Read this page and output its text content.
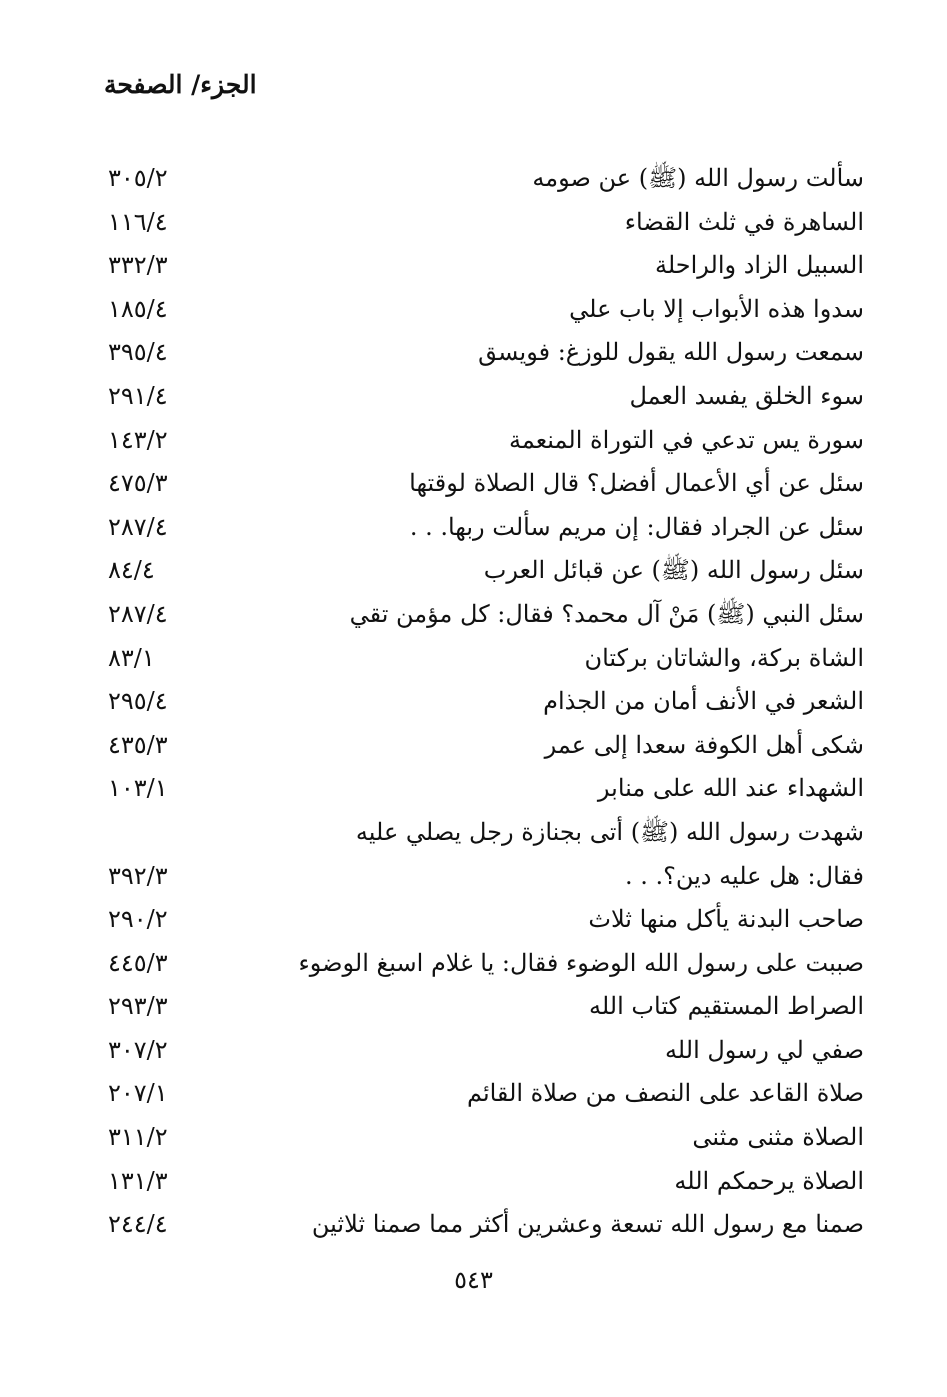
الجزء/ الصفحة
سألت رسول الله (ﷺ) عن صومه
٣٠٥/٢
الساهرة في ثلث القضاء
١١٦/٤
السبيل الزاد والراحلة
٣٣٢/٣
سدوا هذه الأبواب إلا باب علي
١٨٥/٤
سمعت رسول الله يقول للوزغ: فويسق
٣٩٥/٤
سوء الخلق يفسد العمل
٢٩١/٤
سورة يس تدعي في التوراة المنعمة
١٤٣/٢
سئل عن أي الأعمال أفضل؟ قال الصلاة لوقتها
٤٧٥/٣
سئل عن الجراد فقال: إن مريم سألت ربها. . .
٢٨٧/٤
سئل رسول الله (ﷺ) عن قبائل العرب
٨٤/٤
سئل النبي (ﷺ) مَنْ آل محمد؟ فقال: كل مؤمن تقي
٢٨٧/٤
الشاة بركة، والشاتان بركتان
٨٣/١
الشعر في الأنف أمان من الجذام
٢٩٥/٤
شكى أهل الكوفة سعدا إلى عمر
٤٣٥/٣
الشهداء عند الله على منابر
١٠٣/١
شهدت رسول الله (ﷺ) أتى بجنازة رجل يصلي عليه
فقال: هل عليه دين؟. . .
٣٩٢/٣
صاحب البدنة يأكل منها ثلاث
٢٩٠/٢
صببت على رسول الله الوضوء فقال: يا غلام اسبغ الوضوء
٤٤٥/٣
الصراط المستقيم كتاب الله
٢٩٣/٣
صفي لي رسول الله
٣٠٧/٢
صلاة القاعد على النصف من صلاة القائم
٢٠٧/١
الصلاة مثنى مثنى
٣١١/٢
الصلاة يرحمكم الله
١٣١/٣
صمنا مع رسول الله تسعة وعشرين أكثر مما صمنا ثلاثين
٢٤٤/٤
٥٤٣
